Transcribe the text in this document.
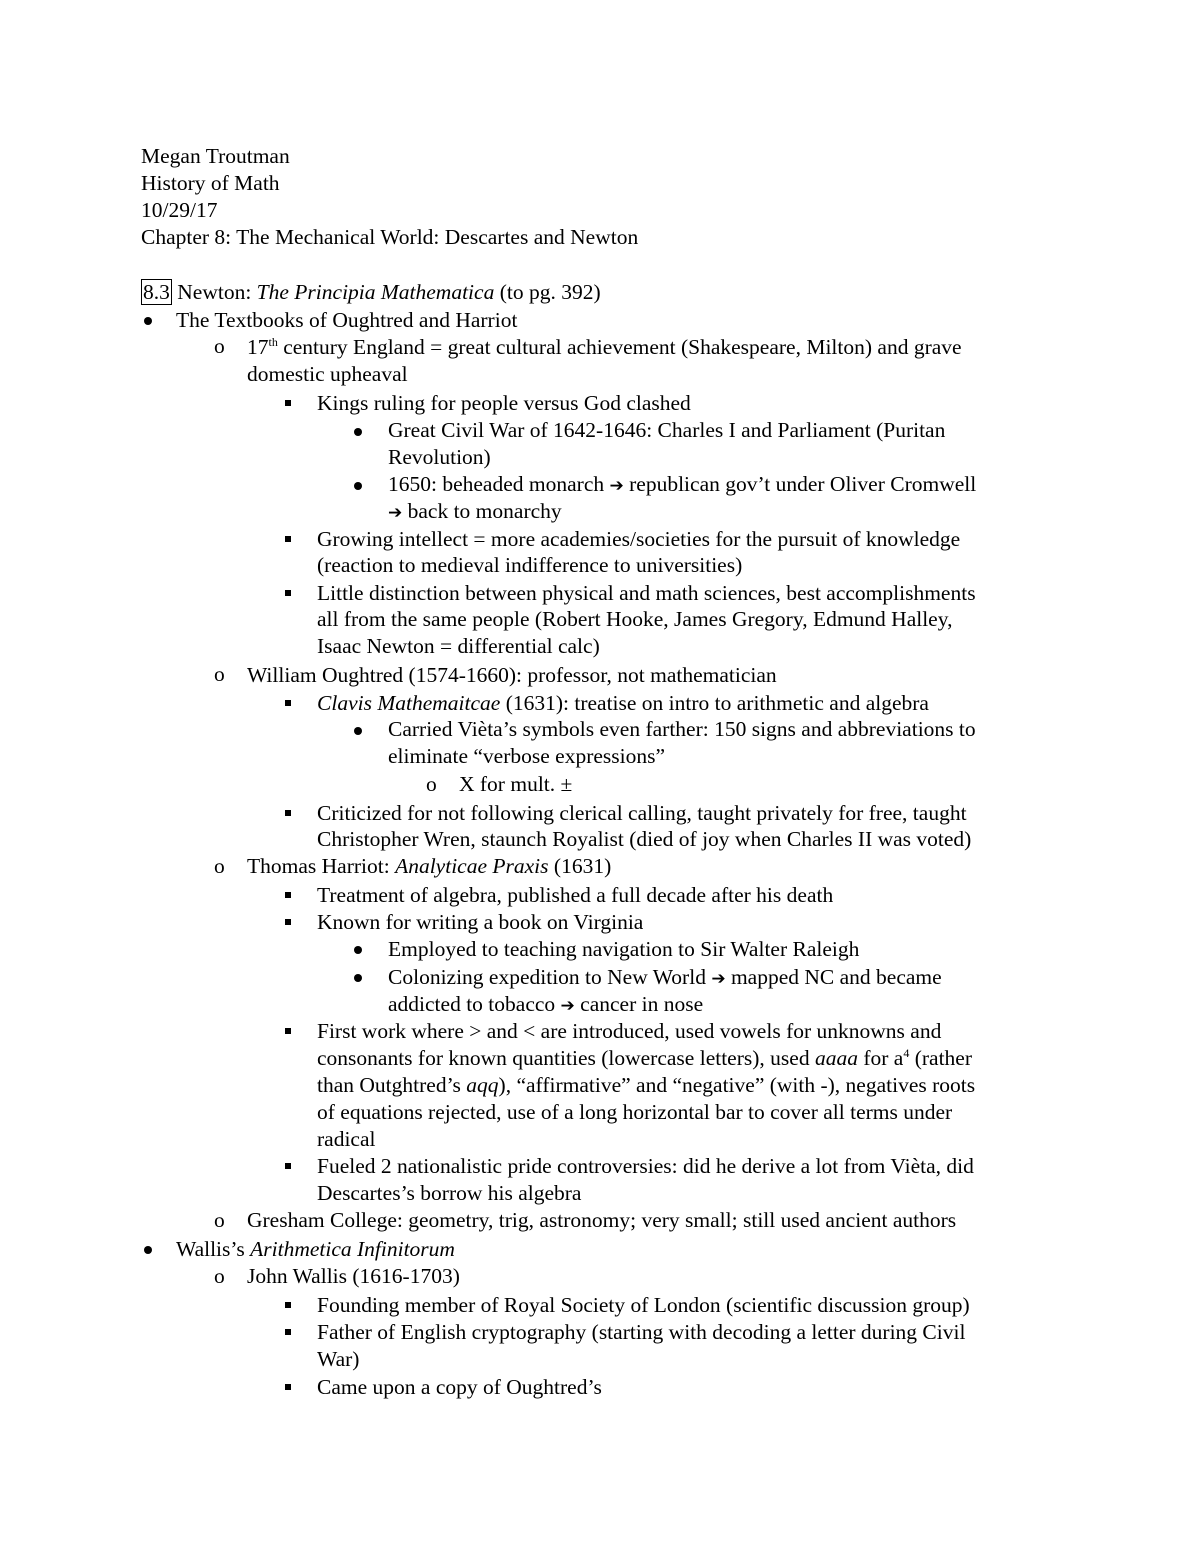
Megan Troutman
History of Math
10/29/17
Chapter 8: The Mechanical World: Descartes and Newton
8.3 Newton: The Principia Mathematica (to pg. 392)
The Textbooks of Oughtred and Harriot
o 17th century England = great cultural achievement (Shakespeare, Milton) and grave
domestic upheaval
Kings ruling for people versus God clashed
Great Civil War of 1642-1646: Charles I and Parliament (Puritan
Revolution)
1650: beheaded monarch ➔ republican gov’t under Oliver Cromwell
➔ back to monarchy
Growing intellect = more academies/societies for the pursuit of knowledge
(reaction to medieval indifference to universities)
Little distinction between physical and math sciences, best accomplishments
all from the same people (Robert Hooke, James Gregory, Edmund Halley,
Isaac Newton = differential calc)
o William Oughtred (1574-1660): professor, not mathematician
Clavis Mathemaitcae (1631): treatise on intro to arithmetic and algebra
Carried Vièta’s symbols even farther: 150 signs and abbreviations to
eliminate “verbose expressions”
o X for mult. ±
Criticized for not following clerical calling, taught privately for free, taught
Christopher Wren, staunch Royalist (died of joy when Charles II was voted)
o Thomas Harriot: Analyticae Praxis (1631)
Treatment of algebra, published a full decade after his death
Known for writing a book on Virginia
Employed to teaching navigation to Sir Walter Raleigh
Colonizing expedition to New World ➔ mapped NC and became
addicted to tobacco ➔ cancer in nose
First work where > and < are introduced, used vowels for unknowns and
consonants for known quantities (lowercase letters), used aaaa for $a^4$ (rather
than Outghtred’s aqq), “affirmative” and “negative” (with -), negatives roots
of equations rejected, use of a long horizontal bar to cover all terms under
radical
Fueled 2 nationalistic pride controversies: did he derive a lot from Vièta, did
Descartes’s borrow his algebra
o Gresham College: geometry, trig, astronomy; very small; still used ancient authors
Wallis’s Arithmetica Infinitorum
o John Wallis (1616-1703)
Founding member of Royal Society of London (scientific discussion group)
Father of English cryptography (starting with decoding a letter during Civil
War)
Came upon a copy of Oughtred’s
